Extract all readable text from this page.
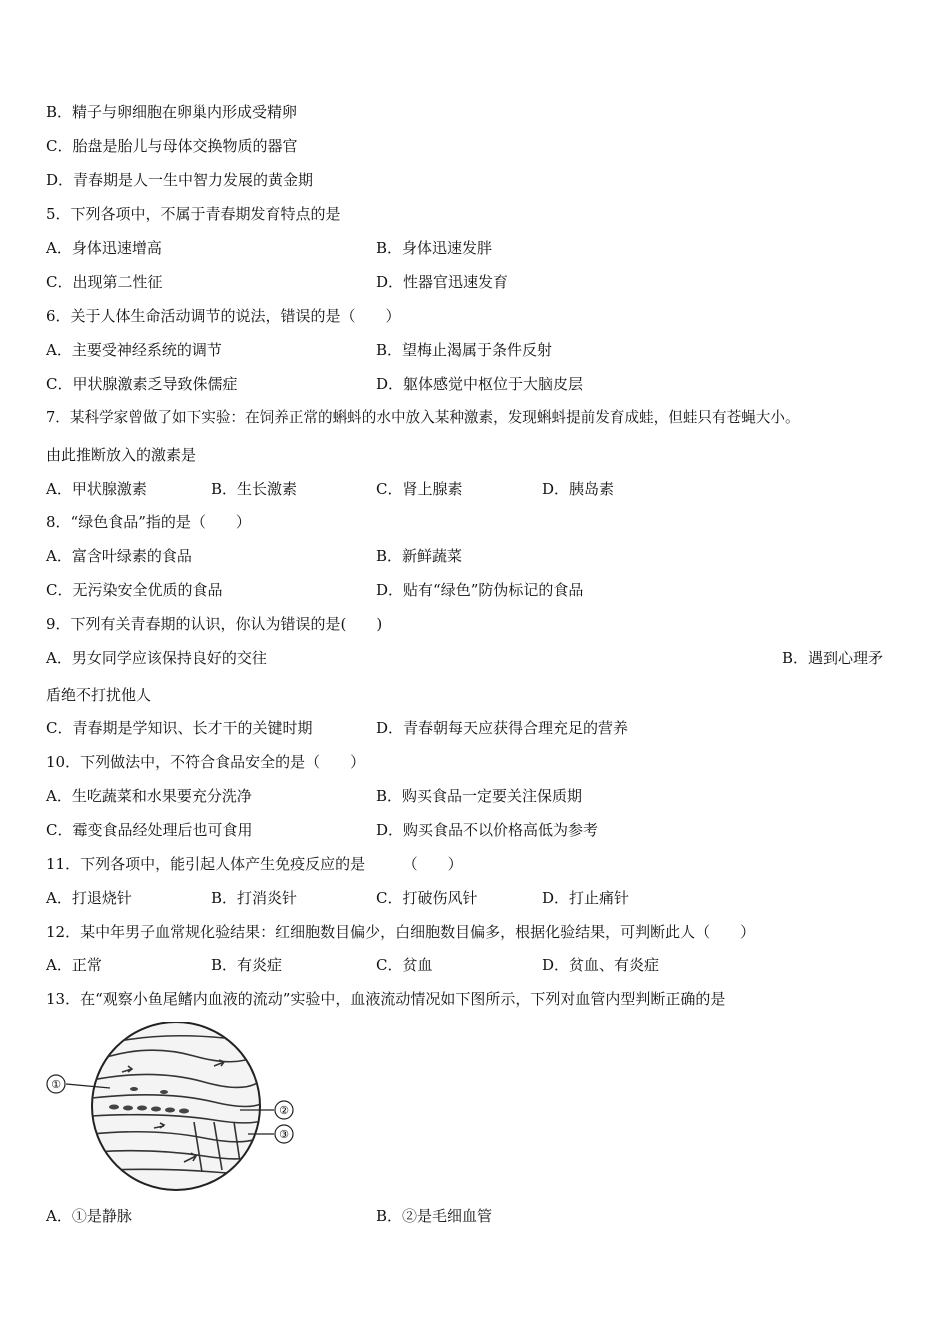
B．精子与卵细胞在卵巢内形成受精卵
C．胎盘是胎儿与母体交换物质的器官
D．青春期是人一生中智力发展的黄金期
5．下列各项中，不属于青春期发育特点的是
A．身体迅速增高	B．身体迅速发胖
C．出现第二性征	D．性器官迅速发育
6．关于人体生命活动调节的说法，错误的是（　　）
A．主要受神经系统的调节	B．望梅止渴属于条件反射
C．甲状腺激素乏导致侏儒症	D．躯体感觉中枢位于大脑皮层
7．某科学家曾做了如下实验：在饲养正常的蝌蚪的水中放入某种激素，发现蝌蚪提前发育成蛙，但蛙只有苍蝇大小。
由此推断放入的激素是
A．甲状腺激素	B．生长激素	C．肾上腺素	D．胰岛素
8．“绿色食品”指的是（　　）
A．富含叶绿素的食品	B．新鲜蔬菜
C．无污染安全优质的食品	D．贴有“绿色”防伪标记的食品
9．下列有关青春期的认识，你认为错误的是(　　)
A．男女同学应该保持良好的交往	B．遇到心理矛
盾绝不打扰他人
C．青春期是学知识、长才干的关键时期	D．青春朝每天应获得合理充足的营养
10．下列做法中，不符合食品安全的是（　　）
A．生吃蔬菜和水果要充分洗净	B．购买食品一定要关注保质期
C．霉变食品经处理后也可食用	D．购买食品不以价格高低为参考
11．下列各项中，能引起人体产生免疫反应的是　　　（　　）
A．打退烧针	B．打消炎针	C．打破伤风针	D．打止痛针
12．某中年男子血常规化验结果：红细胞数目偏少，白细胞数目偏多，根据化验结果，可判断此人（　　）
A．正常	B．有炎症	C．贫血	D．贫血、有炎症
13．在“观察小鱼尾鳍内血液的流动”实验中，血液流动情况如下图所示，下列对血管内型判断正确的是
①
②
③
A．①是静脉	B．②是毛细血管
